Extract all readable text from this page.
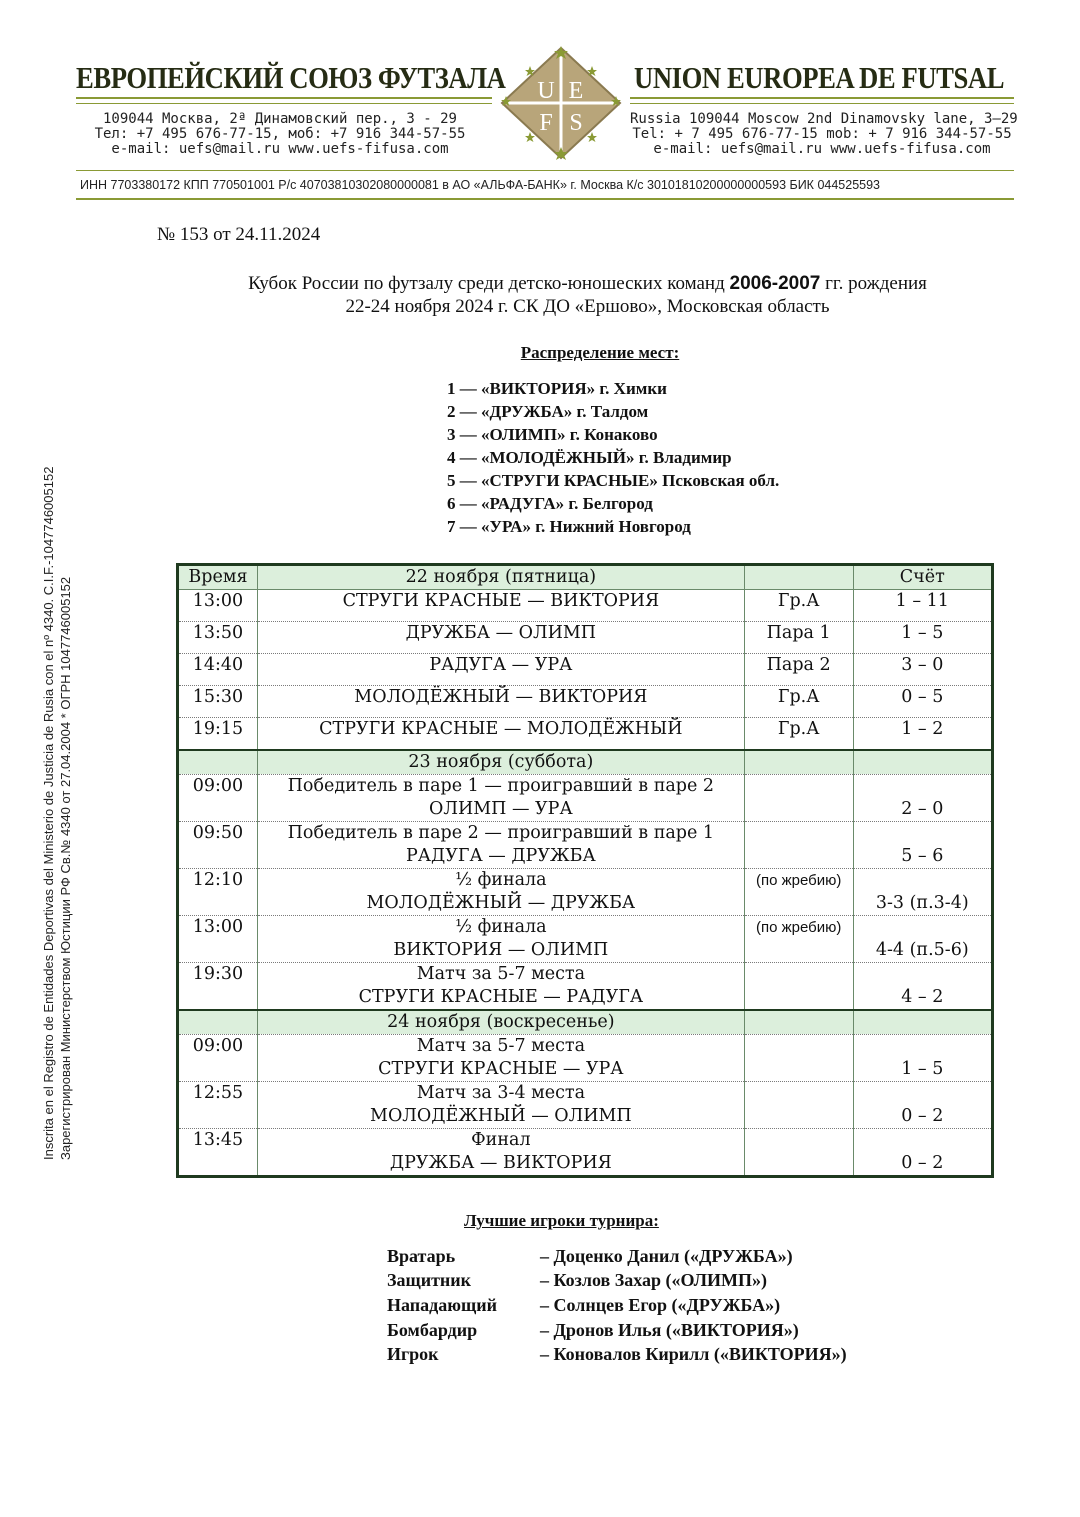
ЕВРОПЕЙСКИЙ СОЮЗ ФУТЗАЛА	UNION EUROPEA DE FUTSAL
U E
F S
109044 Москва, 2ª Динамовский пер., 3 - 29
Тел: +7 495 676-77-15, моб: +7 916 344-57-55
e-mail: uefs@mail.ru www.uefs-fifusa.com
Russia 109044 Moscow 2nd Dinamovsky lane, 3–29
Tel: + 7 495 676-77-15 mob: + 7 916 344-57-55
e-mail: uefs@mail.ru www.uefs-fifusa.com
ИНН 7703380172 КПП 770501001 Р/с 40703810302080000081 в АО «АЛЬФА-БАНК» г. Москва К/с 30101810200000000593 БИК 044525593
Inscrita en el Registro de Entidades Deportivas del Ministerio de Justicia de Rusia con el nº 4340. C.I.F.-1047746005152 Зарегистрирован Министерством Юстиции РФ Св.№ 4340 от 27.04.2004 * ОГРН 1047746005152
№ 153 от 24.11.2024
Кубок России по футзалу среди детско-юношеских команд 2006-2007 гг. рождения
22-24 ноября 2024 г. СК ДО «Ершово», Московская область
Распределение мест:
1 — «ВИКТОРИЯ» г. Химки
2 — «ДРУЖБА» г. Талдом
3 — «ОЛИМП» г. Конаково
4 — «МОЛОДЁЖНЫЙ» г. Владимир
5 — «СТРУГИ КРАСНЫЕ» Псковская обл.
6 — «РАДУГА» г. Белгород
7 — «УРА» г. Нижний Новгород
Время	22 ноября (пятница)		Счёт
13:00	СТРУГИ КРАСНЫЕ — ВИКТОРИЯ	Гр.А	1 – 11
13:50	ДРУЖБА — ОЛИМП	Пара 1	1 – 5
14:40	РАДУГА — УРА	Пара 2	3 – 0
15:30	МОЛОДЁЖНЫЙ — ВИКТОРИЯ	Гр.А	0 – 5
19:15	СТРУГИ КРАСНЫЕ — МОЛОДЁЖНЫЙ	Гр.А	1 – 2
	23 ноября (суббота)		
09:00	Победитель в паре 1 — проигравший в паре 2
ОЛИМП — УРА		2 – 0
09:50	Победитель в паре 2 — проигравший в паре 1
РАДУГА — ДРУЖБА		5 – 6
12:10	½ финала
МОЛОДЁЖНЫЙ — ДРУЖБА	(по жребию)	3-3 (п.3-4)
13:00	½ финала
ВИКТОРИЯ — ОЛИМП	(по жребию)	4-4 (п.5-6)
19:30	Матч за 5-7 места
СТРУГИ КРАСНЫЕ — РАДУГА		4 – 2
	24 ноября (воскресенье)		
09:00	Матч за 5-7 места
СТРУГИ КРАСНЫЕ — УРА		1 – 5
12:55	Матч за 3-4 места
МОЛОДЁЖНЫЙ — ОЛИМП		0 – 2
13:45	Финал
ДРУЖБА — ВИКТОРИЯ		0 – 2
Лучшие игроки турнира:
Вратарь	– Доценко Данил («ДРУЖБА»)
Защитник	– Козлов Захар («ОЛИМП»)
Нападающий – Солнцев Егор («ДРУЖБА»)
Бомбардир	– Дронов Илья («ВИКТОРИЯ»)
Игрок	– Коновалов Кирилл («ВИКТОРИЯ»)
